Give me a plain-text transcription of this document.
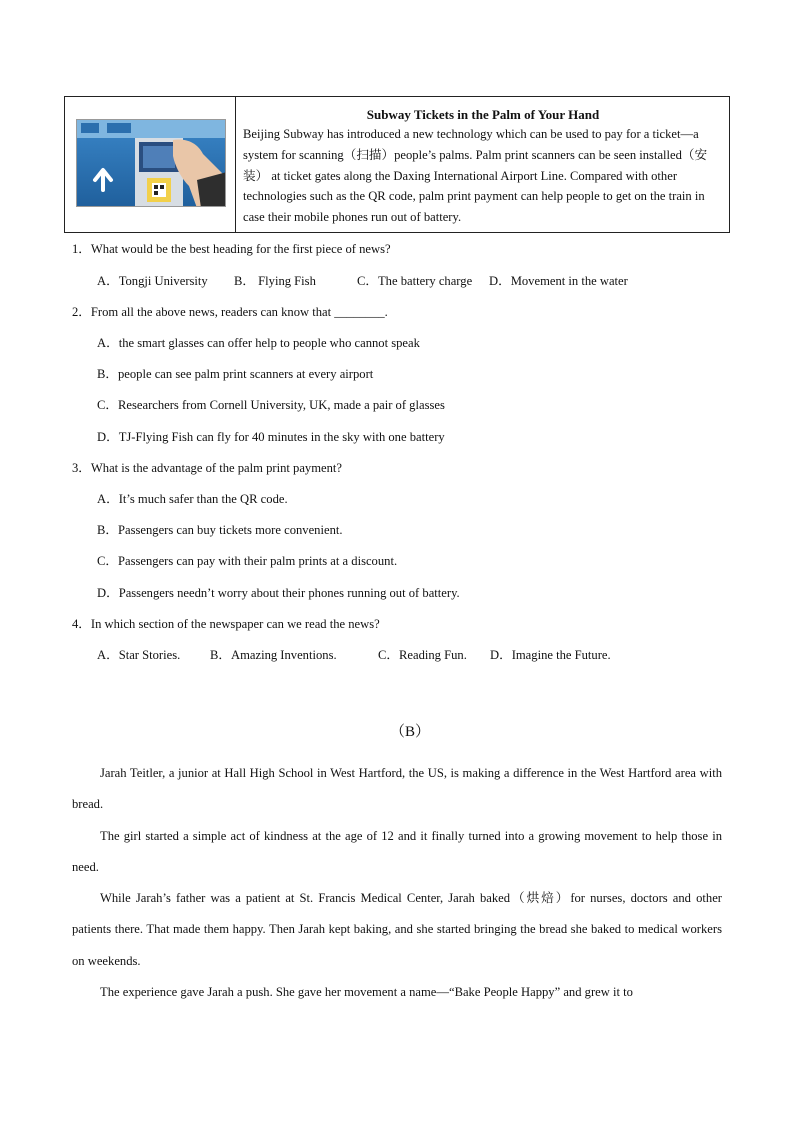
Subway Tickets in the Palm of Your Hand

Beijing Subway has introduced a new technology which can be used to pay for a ticket—a system for scanning（扫描）people’s palms. Palm print scanners can be seen installed（安装） at ticket gates along the Daxing International Airport Line. Compared with other technologies such as the QR code, palm print payment can help people to get on the train in case their mobile phones run out of battery.

1．What would be the best heading for the first piece of news?
A．Tongji University B． Flying Fish	C．The battery charge D．Movement in the water
2．From all the above news, readers can know that ________.
A．the smart glasses can offer help to people who cannot speak
B．people can see palm print scanners at every airport
C．Researchers from Cornell University, UK, made a pair of glasses
D．TJ-Flying Fish can fly for 40 minutes in the sky with one battery
3．What is the advantage of the palm print payment?
A．It’s much safer than the QR code.
B．Passengers can buy tickets more convenient.
C．Passengers can pay with their palm prints at a discount.
D．Passengers needn’t worry about their phones running out of battery.
4．In which section of the newspaper can we read the news?
A．Star Stories. B．Amazing Inventions.	C．Reading Fun. D．Imagine the Future.
（B）

Jarah Teitler, a junior at Hall High School in West Hartford, the US, is making a difference in the West Hartford area with bread.

The girl started a simple act of kindness at the age of 12 and it finally turned into a growing movement to help those in need.

While Jarah’s father was a patient at St. Francis Medical Center, Jarah baked（烘焙）for nurses, doctors and other patients there. That made them happy. Then Jarah kept baking, and she started bringing the bread she baked to medical workers on weekends.

The experience gave Jarah a push. She gave her movement a name—“Bake People Happy” and grew it to
